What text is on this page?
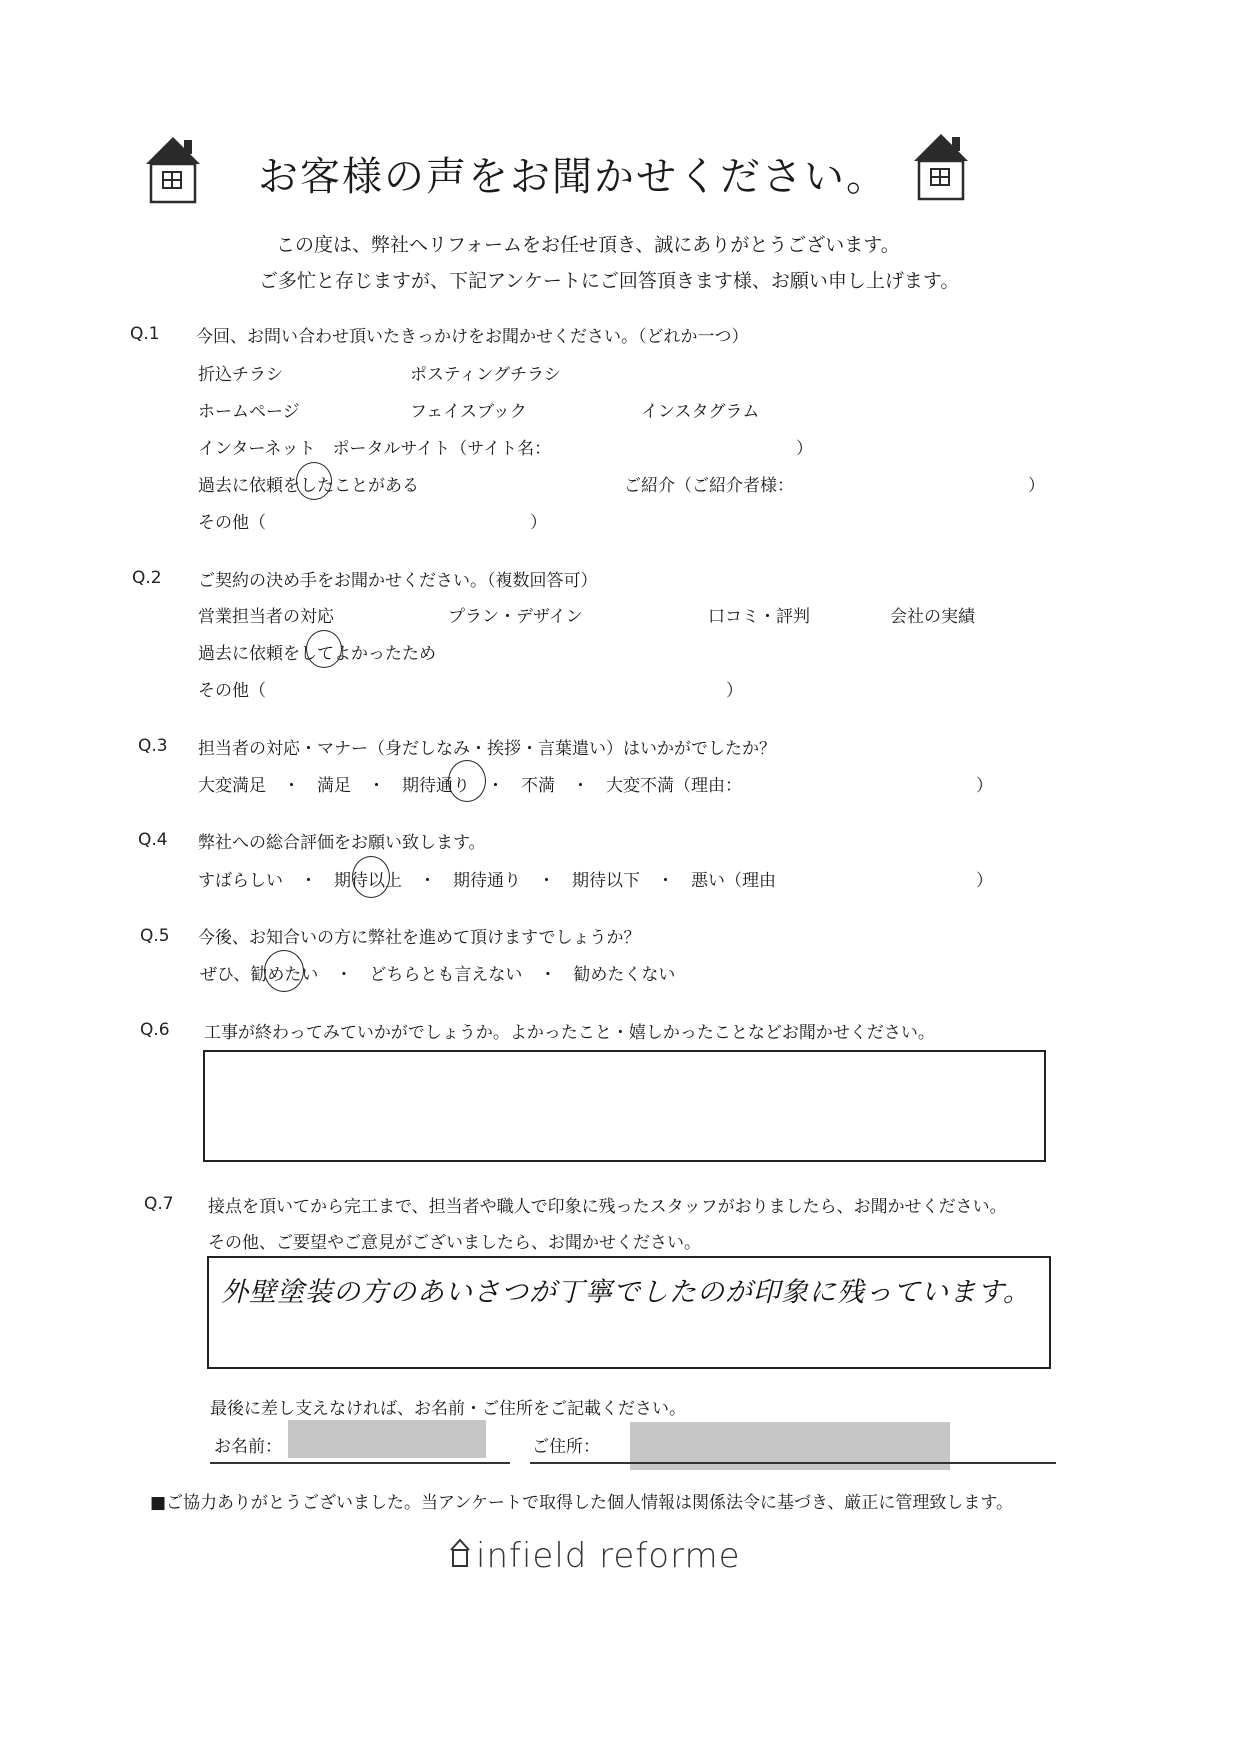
お客様の声をお聞かせください。
この度は、弊社へリフォームをお任せ頂き、誠にありがとうございます。
ご多忙と存じますが、下記アンケートにご回答頂きます様、お願い申し上げます。
Q.1 今回、お問い合わせ頂いたきっかけをお聞かせください。（どれか一つ）
折込チラシ	ポスティングチラシ
ホームページ	フェイスブック	インスタグラム
インターネット　ポータルサイト（サイト名：	）
過去に依頼をしたことがある	ご紹介（ご紹介者様：	）
その他（	）
Q.2 ご契約の決め手をお聞かせください。（複数回答可）
営業担当者の対応	プラン・デザイン	口コミ・評判	会社の実績
過去に依頼をしてよかったため
その他（	）
Q.3 担当者の対応・マナー（身だしなみ・挨拶・言葉遣い）はいかがでしたか？
大変満足　・　満足　・　期待通り　・　不満　・　大変不満（理由：	）
Q.4 弊社への総合評価をお願い致します。
すばらしい　・　期待以上　・　期待通り　・　期待以下　・　悪い（理由	）
Q.5 今後、お知合いの方に弊社を進めて頂けますでしょうか？
ぜひ、勧めたい　・　どちらとも言えない　・　勧めたくない
Q.6 工事が終わってみていかがでしょうか。よかったこと・嬉しかったことなどお聞かせください。
Q.7 接点を頂いてから完工まで、担当者や職人で印象に残ったスタッフがおりましたら、お聞かせください。
その他、ご要望やご意見がございましたら、お聞かせください。
外壁塗装の方のあいさつが丁寧でしたのが印象に残っています。
最後に差し支えなければ、お名前・ご住所をご記載ください。
お名前：	ご住所：
■ご協力ありがとうございました。当アンケートで取得した個人情報は関係法令に基づき、厳正に管理致します。
infield reforme
